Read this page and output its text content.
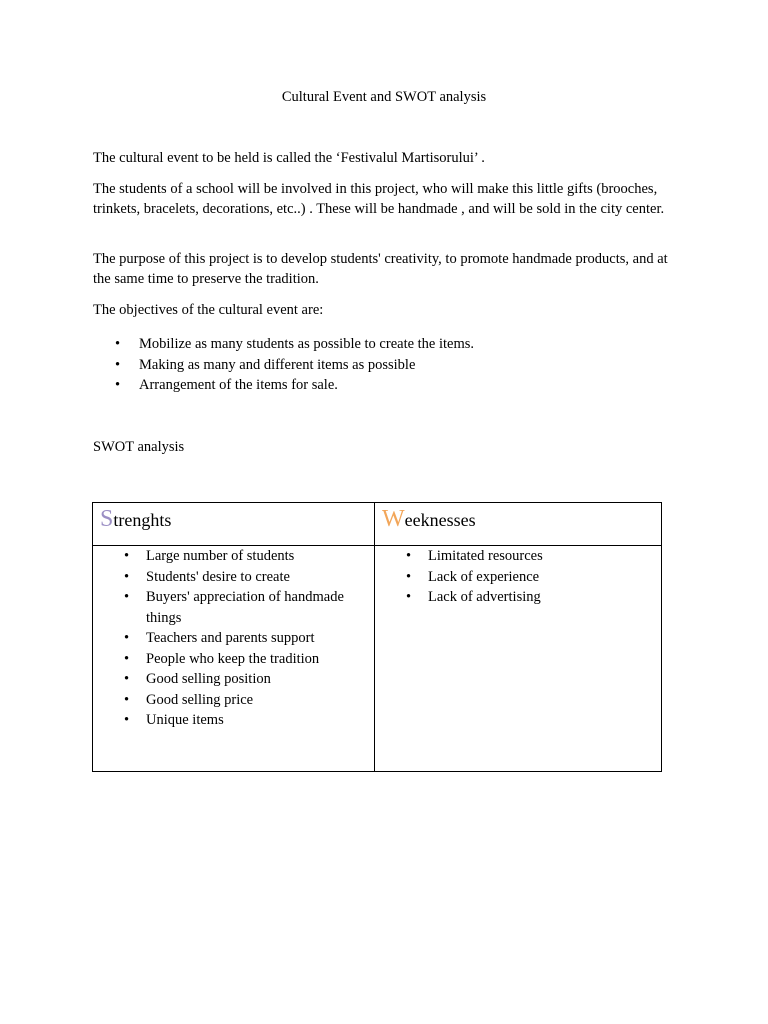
Cultural Event and SWOT analysis

The cultural event to be held is called the ‘Festivalul Martisorului’ .

The students of a school will be involved in this project, who will make this little gifts (brooches, trinkets, bracelets, decorations, etc..) . These will be handmade , and will be sold in the city center.

The purpose of this project is to develop students' creativity, to promote handmade products, and at the same time to preserve the tradition.

The objectives of the cultural event are:

• Mobilize as many students as possible to create the items.
• Making as many and different items as possible
• Arrangement of the items for sale.
SWOT analysis
Strenghts	Weeknesses
• Large number of students
• Students' desire to create
• Buyers' appreciation of handmade things
• Teachers and parents support
• People who keep the tradition
• Good selling position
• Good selling price
• Unique items
• Limitated resources
• Lack of experience
• Lack of advertising
